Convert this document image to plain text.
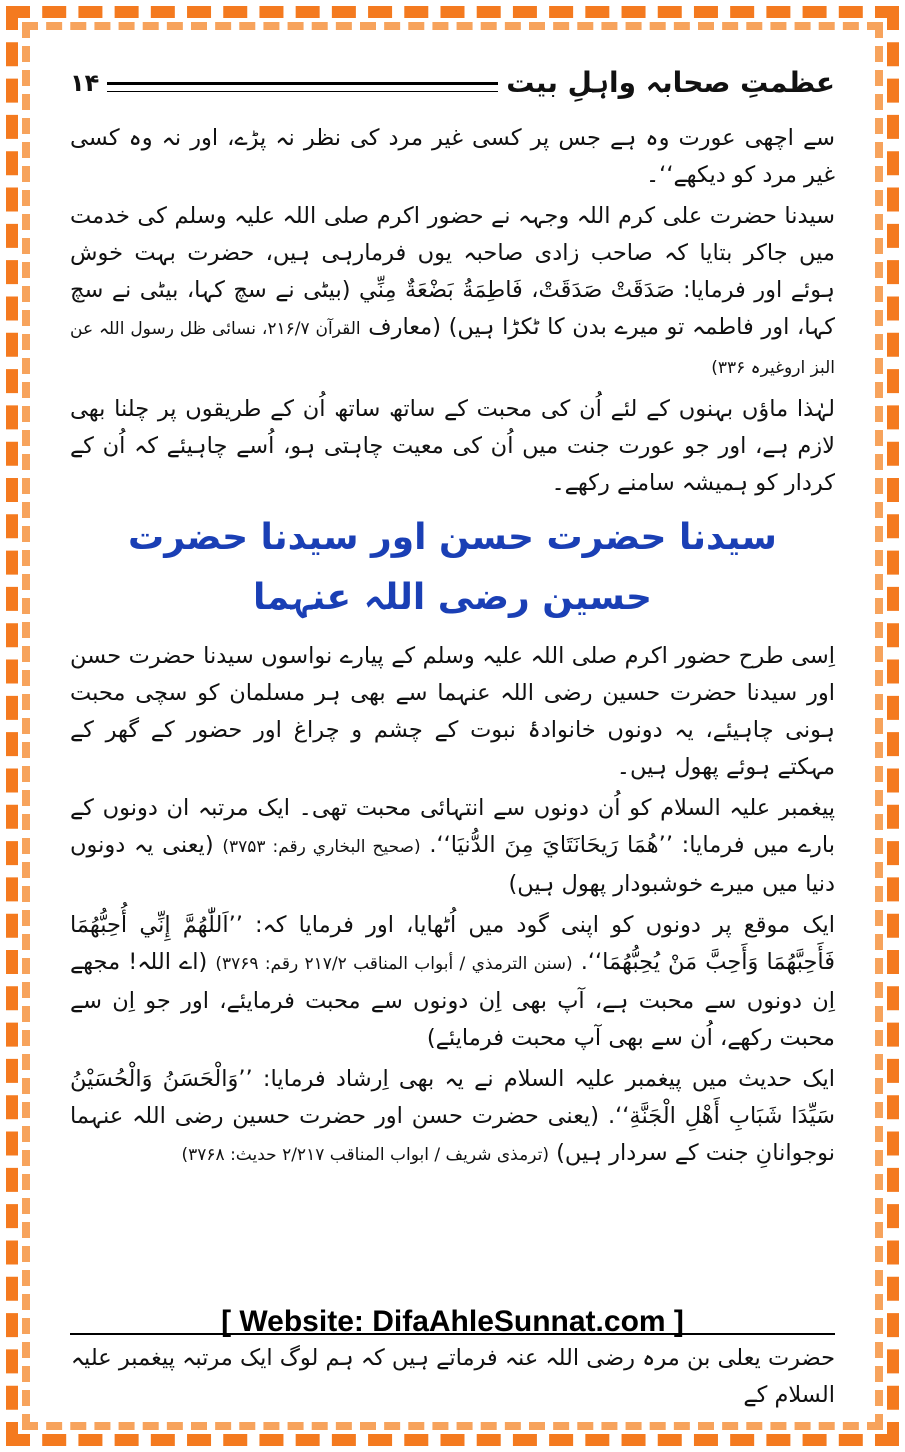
عظمتِ صحابہ واہلِ بیت
۱۴

سے اچھی عورت وہ ہے جس پر کسی غیر مرد کی نظر نہ پڑے، اور نہ وہ کسی غیر مرد کو دیکھے‘‘۔

سیدنا حضرت علی کرم اللہ وجہہ نے حضور اکرم صلی اللہ علیہ وسلم کی خدمت میں جاکر بتایا کہ صاحب زادی صاحبہ یوں فرمارہی ہیں، حضرت بہت خوش ہوئے اور فرمایا: صَدَقَتْ صَدَقَتْ، فَاطِمَةُ بَضْعَةٌ مِنِّي (بیٹی نے سچ کہا، بیٹی نے سچ کہا، اور فاطمہ تو میرے بدن کا ٹکڑا ہیں) (معارف القرآن ۲۱۶/۷، نسائی ظل رسول اللہ عن البز اروغیرہ ۳۳۶)

لہٰذا ماؤں بہنوں کے لئے اُن کی محبت کے ساتھ ساتھ اُن کے طریقوں پر چلنا بھی لازم ہے، اور جو عورت جنت میں اُن کی معیت چاہتی ہو، اُسے چاہیئے کہ اُن کے کردار کو ہمیشہ سامنے رکھے۔

سیدنا حضرت حسن اور سیدنا حضرت حسین رضی اللہ عنہما

اِسی طرح حضور اکرم صلی اللہ علیہ وسلم کے پیارے نواسوں سیدنا حضرت حسن اور سیدنا حضرت حسین رضی اللہ عنہما سے بھی ہر مسلمان کو سچی محبت ہونی چاہیئے، یہ دونوں خانوادۂ نبوت کے چشم و چراغ اور حضور کے گھر کے مہکتے ہوئے پھول ہیں۔

پیغمبر علیہ السلام کو اُن دونوں سے انتہائی محبت تھی۔ ایک مرتبہ ان دونوں کے بارے میں فرمایا: ’’هُمَا رَيحَانَتَايَ مِنَ الدُّنيَا‘‘. (صحيح البخاري رقم: ۳۷۵۳) (یعنی یہ دونوں دنیا میں میرے خوشبودار پھول ہیں)

ایک موقع پر دونوں کو اپنی گود میں اُٹھایا، اور فرمایا کہ: ’’اَللّٰهُمَّ إِنِّي أُحِبُّهُمَا فَأَحِبَّهُمَا وَأَحِبَّ مَنْ يُحِبُّهُمَا‘‘. (سنن الترمذي / أبواب المناقب ۲۱۷/۲ رقم: ۳۷۶۹) (اے اللہ! مجھے اِن دونوں سے محبت ہے، آپ بھی اِن دونوں سے محبت فرمایئے، اور جو اِن سے محبت رکھے، اُن سے بھی آپ محبت فرمایئے)

ایک حدیث میں پیغمبر علیہ السلام نے یہ بھی اِرشاد فرمایا: ’’وَالْحَسَنُ وَالْحُسَيْنُ سَيِّدَا شَبَابِ أَهْلِ الْجَنَّةِ‘‘. (یعنی حضرت حسن اور حضرت حسین رضی اللہ عنہما نوجوانانِ جنت کے سردار ہیں) (ترمذی شریف / ابواب المناقب ۲/۲۱۷ حدیث: ۳۷۶۸)

حضرت یعلی بن مرہ رضی اللہ عنہ فرماتے ہیں کہ ہم لوگ ایک مرتبہ پیغمبر علیہ السلام کے
[ Website: DifaAhleSunnat.com ]
